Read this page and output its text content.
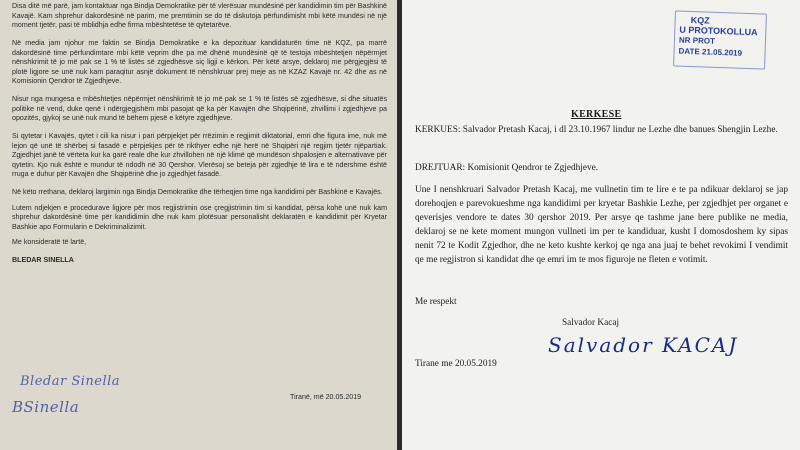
Disa ditë më parë, jam kontaktuar nga Bindja Demokratike për të vlerësuar mundësinë për kandidimin tim për Bashkinë Kavajë. Kam shprehur dakordësinë në parim, me premtimin se do të diskutoja përfundimisht mbi këtë mundësi në një moment tjetër, pasi të mblidhja edhe firma mbështetëse të qytetarëve.

Në media jam njohur me faktin se Bindja Demokratike e ka depozituar kandidaturën time në KQZ, pa marrë dakordësinë time përfundimtare mbi këtë veprim dhe pa më dhënë mundësinë që të testoja mbështetjen nëpërmjet nënshkrimit të jo më pak se 1 % të listës së zgjedhësve siç ligji e kërkon. Për këtë arsye, deklaroj me përgjegjësi të plotë ligjore se unë nuk kam paraqitur asnjë dokument të nënshkruar prej meje as në KZAZ Kavajë nr. 42 dhe as në Komisionin Qendror të Zgjedhjeve.

Nisur nga mungesa e mbështetjes nëpërmjet nënshkrimit të jo më pak se 1 % të listës së zgjedhësve, si dhe situatës politike në vend, duke qenë i ndërgjegjshëm mbi pasojat që ka për Kavajën dhe Shqipërinë, zhvillimi i zgjedhjeve pa opozitës, gjykoj se unë nuk mund të bëhem pjesë e këtyre zgjedhjeve.

Si qytetar i Kavajës, qytet i cili ka nisur i pari përpjekjet për rrëzimin e regjimit diktatorial, emri dhe figura ime, nuk më lejon që unë të shërbej si fasadë e përpjekjes për të rikthyer edhe një herë në Shqipëri një regjim tjetër njëpartiak. Zgjedhjet janë të vërteta kur ka garë reale dhe kur zhvillohen në një klimë që mundëson shpalosjen e alternativave për qytetin. Kjo nuk është e mundur të ndodh në 30 Qershor. Vlerësoj se beteja për zgjedhje të lira e të ndershme është rruga e duhur për Kavajën dhe Shqipërinë dhe jo zgjedhjet fasadë.

Në këto rrethana, deklaroj largimin nga Bindja Demokratike dhe tërheqjen time nga kandidimi për Bashkinë e Kavajës.

Lutem ndjekjen e procedurave ligjore për mos regjistrimin ose çregjistrimin tim si kandidat, përsa kohë unë nuk kam shprehur dakordësinë time për kandidimin dhe nuk kam plotësuar personalisht deklaratën e kandidimit për Kryetar Bashkie apo Formularin e Dekriminalizimit.

Me konsideratë të lartë,

BLEDAR SINELLA
Bledar Sinella
BSinella
Tiranë, më 20.05.2019
KQZ
U PROTOKOLLUA
NR PROT
DATE 21.05.2019
KERKESE
KERKUES: Salvador Pretash Kacaj, i dl 23.10.1967 lindur ne Lezhe dhe banues Shengjin Lezhe.
DREJTUAR: Komisionit Qendror te Zgjedhjeve.
Une I nenshkruari Salvador Pretash Kacaj, me vullnetin tim te lire e te pa ndikuar deklaroj se jap dorehoqjen e parevokueshme nga kandidimi per kryetar Bashkie Lezhe, per zgjedhjet per organet e qeverisjes vendore te dates 30 qershor 2019. Per arsye qe tashme jane bere publike ne media, deklaroj se ne kete moment mungon vullneti im per te kandiduar, kusht I domosdoshem ky sipas nenit 72 te Kodit Zgjedhor, dhe ne keto kushte kerkoj qe nga ana juaj te behet revokimi I vendimit qe me regjistron si kandidat dhe qe emri im te mos figuroje ne fleten e votimit.
Me respekt
Salvador Kacaj
Salvador KACAJ
Tirane me 20.05.2019
